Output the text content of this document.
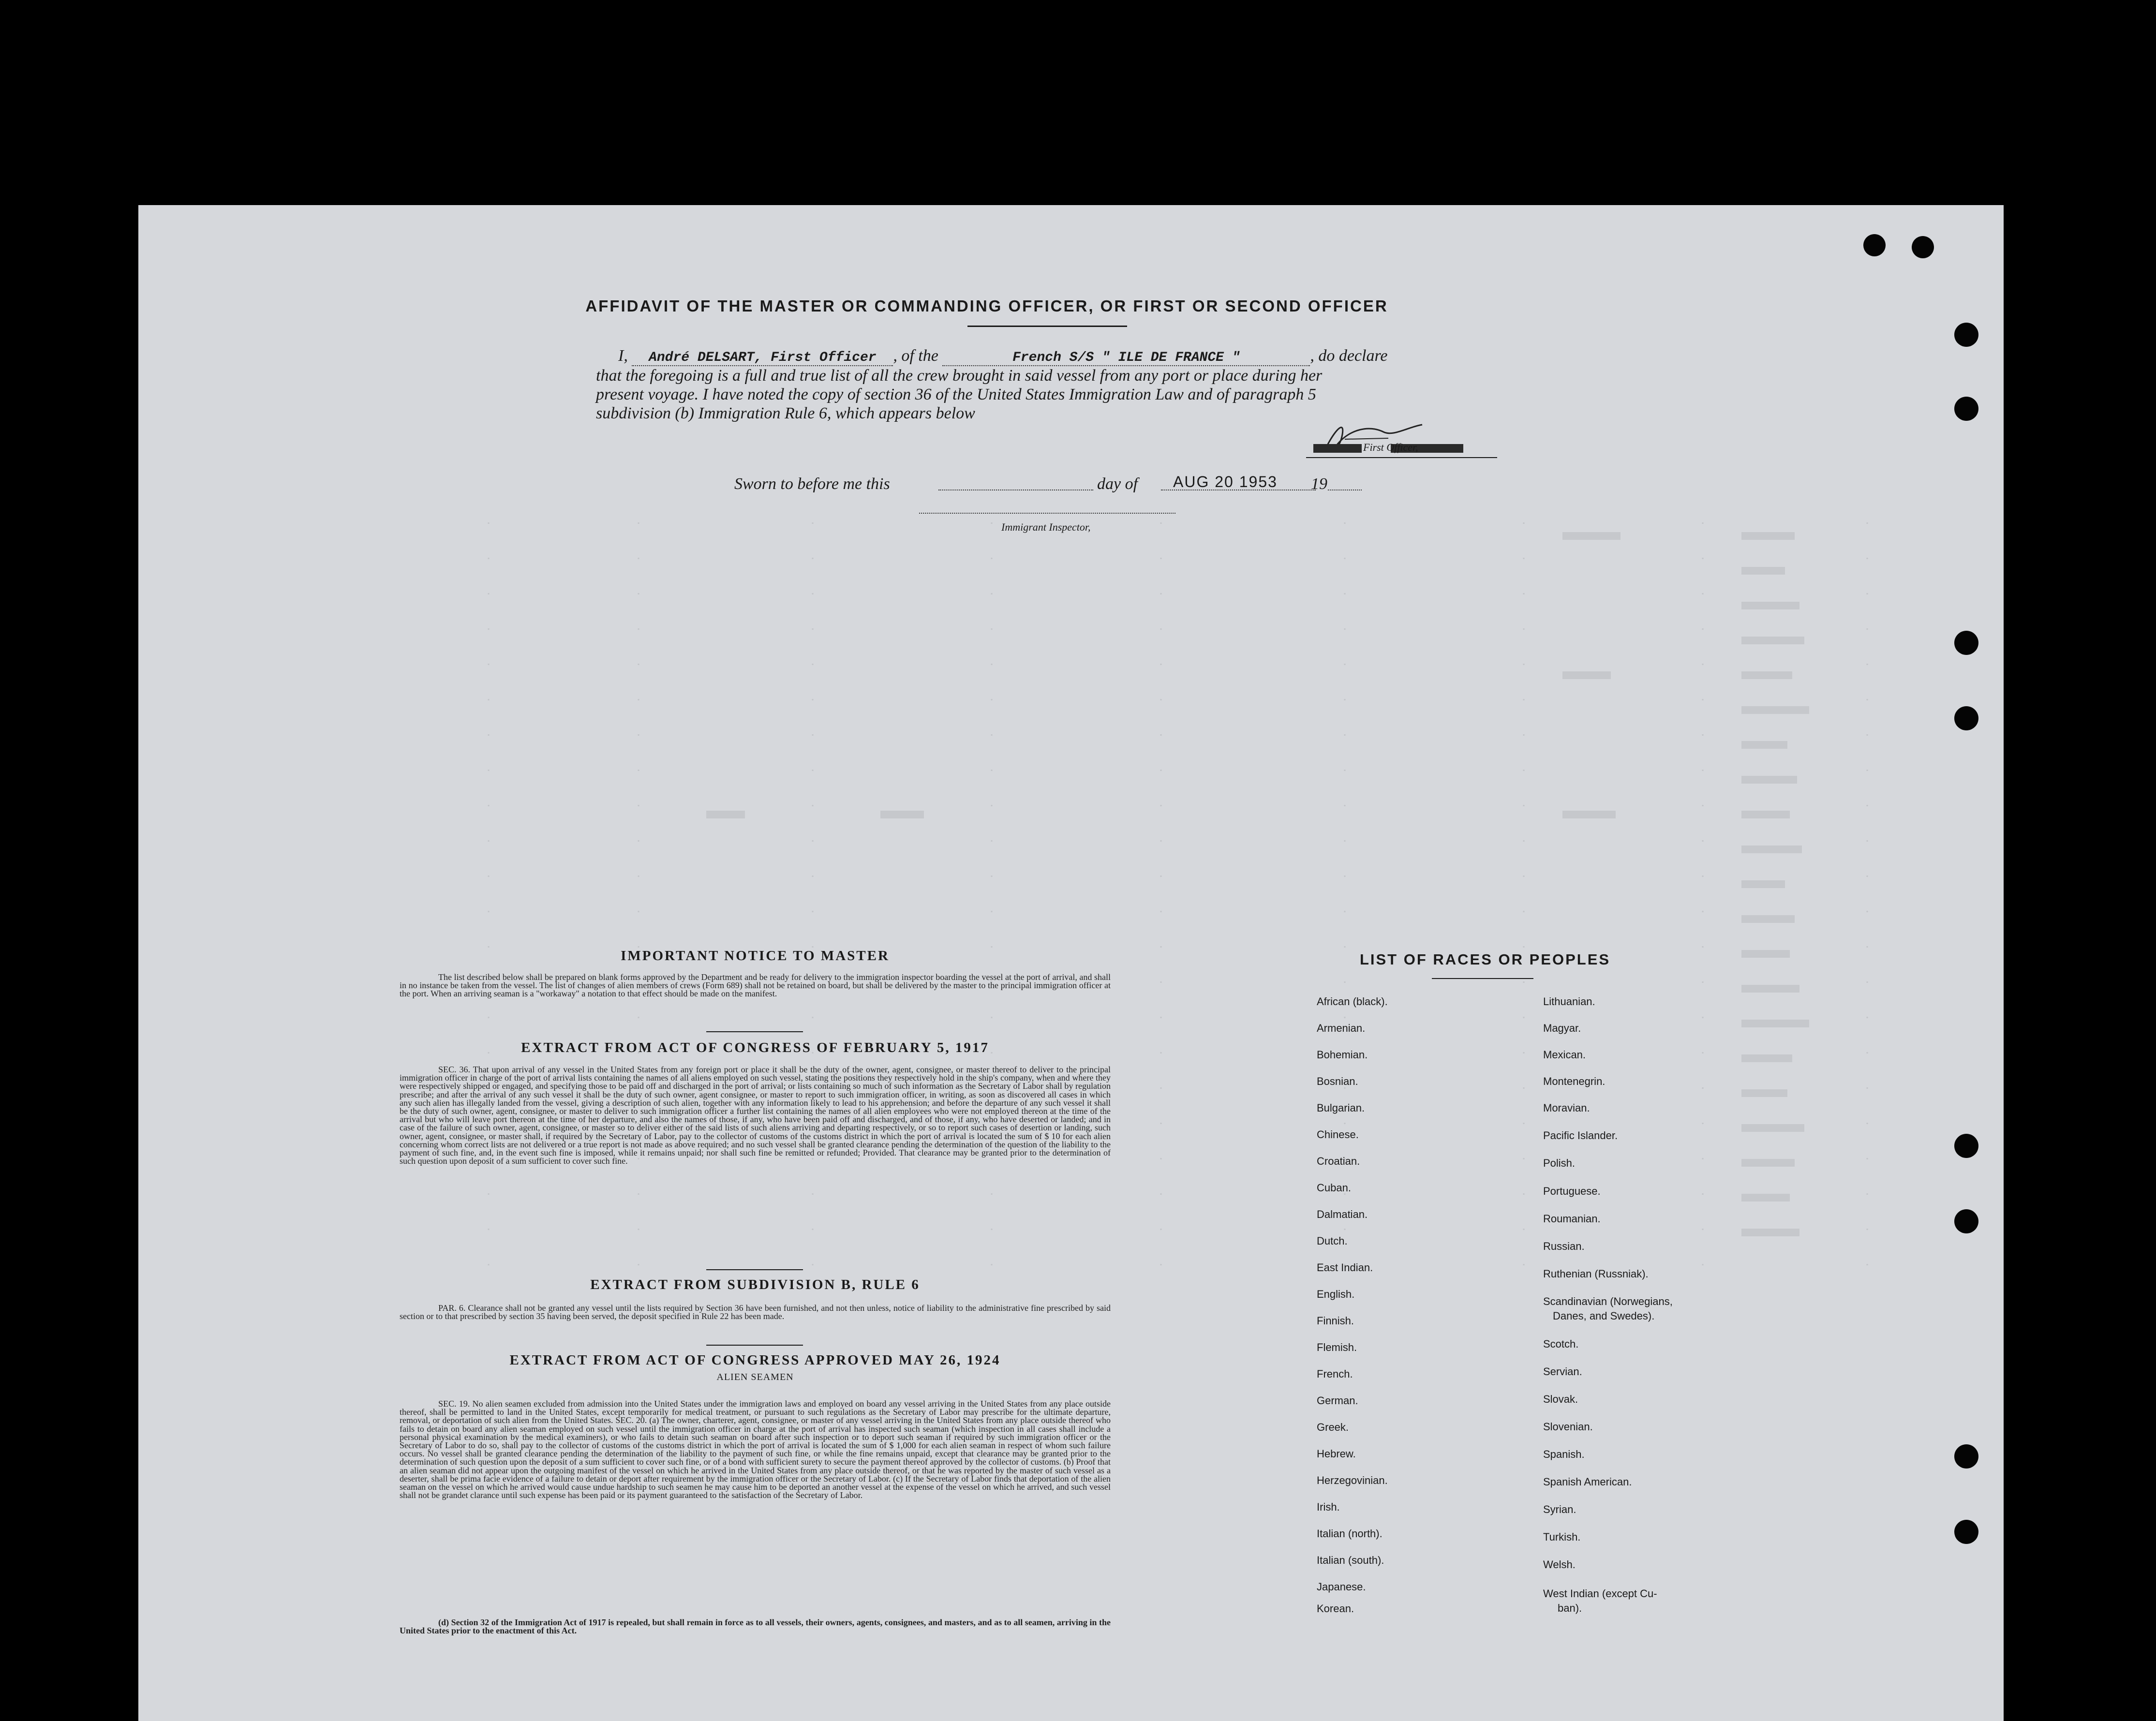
AFFIDAVIT OF THE MASTER OR COMMANDING OFFICER, OR FIRST OR SECOND OFFICER
I, André DELSART, First Officer , of the	French S/S " ILE DE FRANCE "	, do declare
that the foregoing is a full and true list of all the crew brought in said vessel from any port or place during her
present voyage. I have noted the copy of section 36 of the United States Immigration Law and of paragraph 5
subdivision (b) Immigration Rule 6, which appears below
First Officer,
Sworn to before me this	day of AUG 20 1953 19
Immigrant Inspector,
IMPORTANT NOTICE TO MASTER
The list described below shall be prepared on blank forms approved by the Department and be ready for delivery to the immigration inspector boarding the vessel at the port of arrival, and shall in no instance be taken from the vessel. The list of changes of alien members of crews (Form 689) shall not be retained on board, but shall be delivered by the master to the principal immigration officer at the port. When an arriving seaman is a "workaway" a notation to that effect should be made on the manifest.
EXTRACT FROM ACT OF CONGRESS OF FEBRUARY 5, 1917
SEC. 36. That upon arrival of any vessel in the United States from any foreign port or place it shall be the duty of the owner, agent, consignee, or master thereof to deliver to the principal immigration officer in charge of the port of arrival lists containing the names of all aliens employed on such vessel, stating the positions they respectively hold in the ship's company, when and where they were respectively shipped or engaged, and specifying those to be paid off and discharged in the port of arrival; or lists containing so much of such information as the Secretary of Labor shall by regulation prescribe; and after the arrival of any such vessel it shall be the duty of such owner, agent consignee, or master to report to such immigration officer, in writing, as soon as discovered all cases in which any such alien has illegally landed from the vessel, giving a description of such alien, together with any information likely to lead to his apprehension; and before the departure of any such vessel it shall be the duty of such owner, agent, consignee, or master to deliver to such immigration officer a further list containing the names of all alien employees who were not employed thereon at the time of the arrival but who will leave port thereon at the time of her departure, and also the names of those, if any, who have been paid off and discharged, and of those, if any, who have deserted or landed; and in case of the failure of such owner, agent, consignee, or master so to deliver either of the said lists of such aliens arriving and departing respectively, or so to report such cases of desertion or landing, such owner, agent, consignee, or master shall, if required by the Secretary of Labor, pay to the collector of customs of the customs district in which the port of arrival is located the sum of $ 10 for each alien concerning whom correct lists are not delivered or a true report is not made as above required; and no such vessel shall be granted clearance pending the determination of the question of the liability to the payment of such fine, and, in the event such fine is imposed, while it remains unpaid; nor shall such fine be remitted or refunded; Provided. That clearance may be granted prior to the determination of such question upon deposit of a sum sufficient to cover such fine.
EXTRACT FROM SUBDIVISION B, RULE 6
PAR. 6. Clearance shall not be granted any vessel until the lists required by Section 36 have been furnished, and not then unless, notice of liability to the administrative fine prescribed by said section or to that prescribed by section 35 having been served, the deposit specified in Rule 22 has been made.
EXTRACT FROM ACT OF CONGRESS APPROVED MAY 26, 1924
ALIEN SEAMEN
SEC. 19. No alien seamen excluded from admission into the United States under the immigration laws and employed on board any vessel arriving in the United States from any place outside thereof, shall be permitted to land in the United States, except temporarily for medical treatment, or pursuant to such regulations as the Secretary of Labor may prescribe for the ultimate departure, removal, or deportation of such alien from the United States. SEC. 20. (a) The owner, charterer, agent, consignee, or master of any vessel arriving in the United States from any place outside thereof who fails to detain on board any alien seaman employed on such vessel until the immigration officer in charge at the port of arrival has inspected such seaman (which inspection in all cases shall include a personal physical examination by the medical examiners), or who fails to detain such seaman on board after such inspection or to deport such seaman if required by such immigration officer or the Secretary of Labor to do so, shall pay to the collector of customs of the customs district in which the port of arrival is located the sum of $ 1,000 for each alien seaman in respect of whom such failure occurs. No vessel shall be granted clearance pending the determination of the liability to the payment of such fine, or while the fine remains unpaid, except that clearance may be granted prior to the determination of such question upon the deposit of a sum sufficient to cover such fine, or of a bond with sufficient surety to secure the payment thereof approved by the collector of customs. (b) Proof that an alien seaman did not appear upon the outgoing manifest of the vessel on which he arrived in the United States from any place outside thereof, or that he was reported by the master of such vessel as a deserter, shall be prima facie evidence of a failure to detain or deport after requirement by the immigration officer or the Secretary of Labor. (c) If the Secretary of Labor finds that deportation of the alien seaman on the vessel on which he arrived would cause undue hardship to such seamen he may cause him to be deported an another vessel at the expense of the vessel on which he arrived, and such vessel shall not be grandet clarance until such expense has been paid or its payment guaranteed to the satisfaction of the Secretary of Labor.
(d) Section 32 of the Immigration Act of 1917 is repealed, but shall remain in force as to all vessels, their owners, agents, consignees, and masters, and as to all seamen, arriving in the United States prior to the enactment of this Act.
LIST OF RACES OR PEOPLES
African (black).
Armenian.
Bohemian.
Bosnian.
Bulgarian.
Chinese.
Croatian.
Cuban.
Dalmatian.
Dutch.
East Indian.
English.
Finnish.
Flemish.
French.
German.
Greek.
Hebrew.
Herzegovinian.
Irish.
Italian (north).
Italian (south).
Japanese.
Korean.
Lithuanian.
Magyar.
Mexican.
Montenegrin.
Moravian.
Pacific Islander.
Polish.
Portuguese.
Roumanian.
Russian.
Ruthenian (Russniak).
Scandinavian (Norwegians,
Danes, and Swedes).
Scotch.
Servian.
Slovak.
Slovenian.
Spanish.
Spanish American.
Syrian.
Turkish.
Welsh.
West Indian (except Cu-
ban).
